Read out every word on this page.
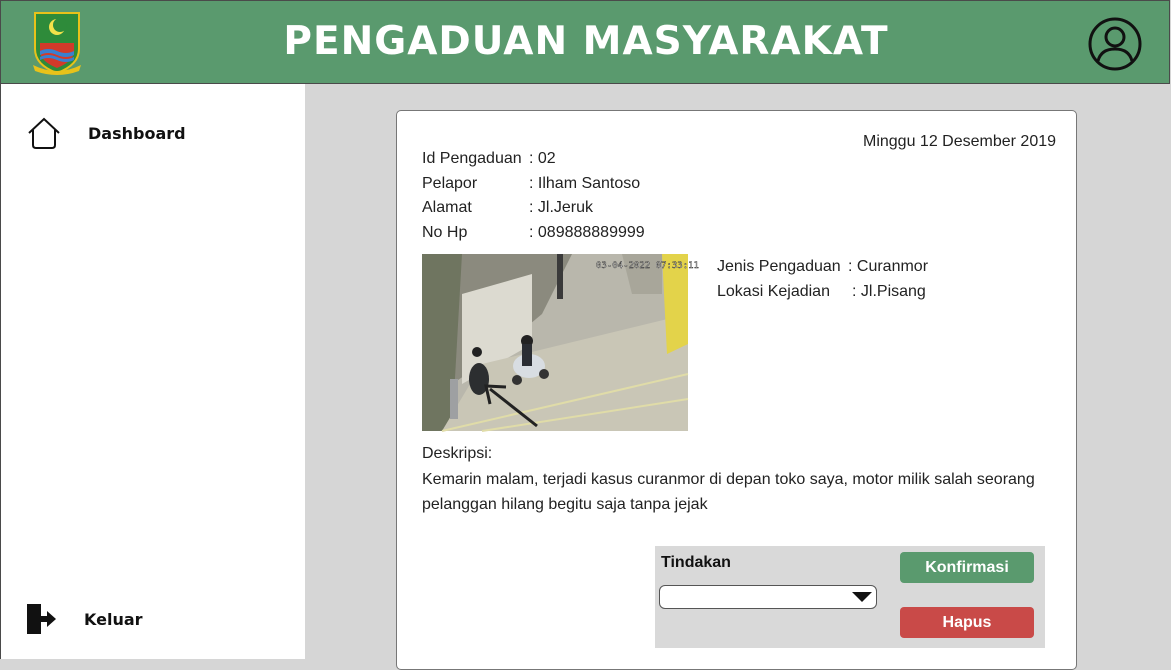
PENGADUAN MASYARAKAT
Dashboard
Keluar
Minggu 12 Desember 2019
Id Pengaduan : 02
Pelapor	: Ilham Santoso
Alamat	: Jl.Jeruk
No Hp	: 089888889999
03-04-2022 07:33:11 Jenis Pengaduan : Curanmor
Lokasi Kejadian : Jl.Pisang
Deskripsi:
Kemarin malam, terjadi kasus curanmor di depan toko saya, motor milik salah seorang pelanggan hilang begitu saja tanpa jejak
Tindakan	Konfirmasi
Hapus
